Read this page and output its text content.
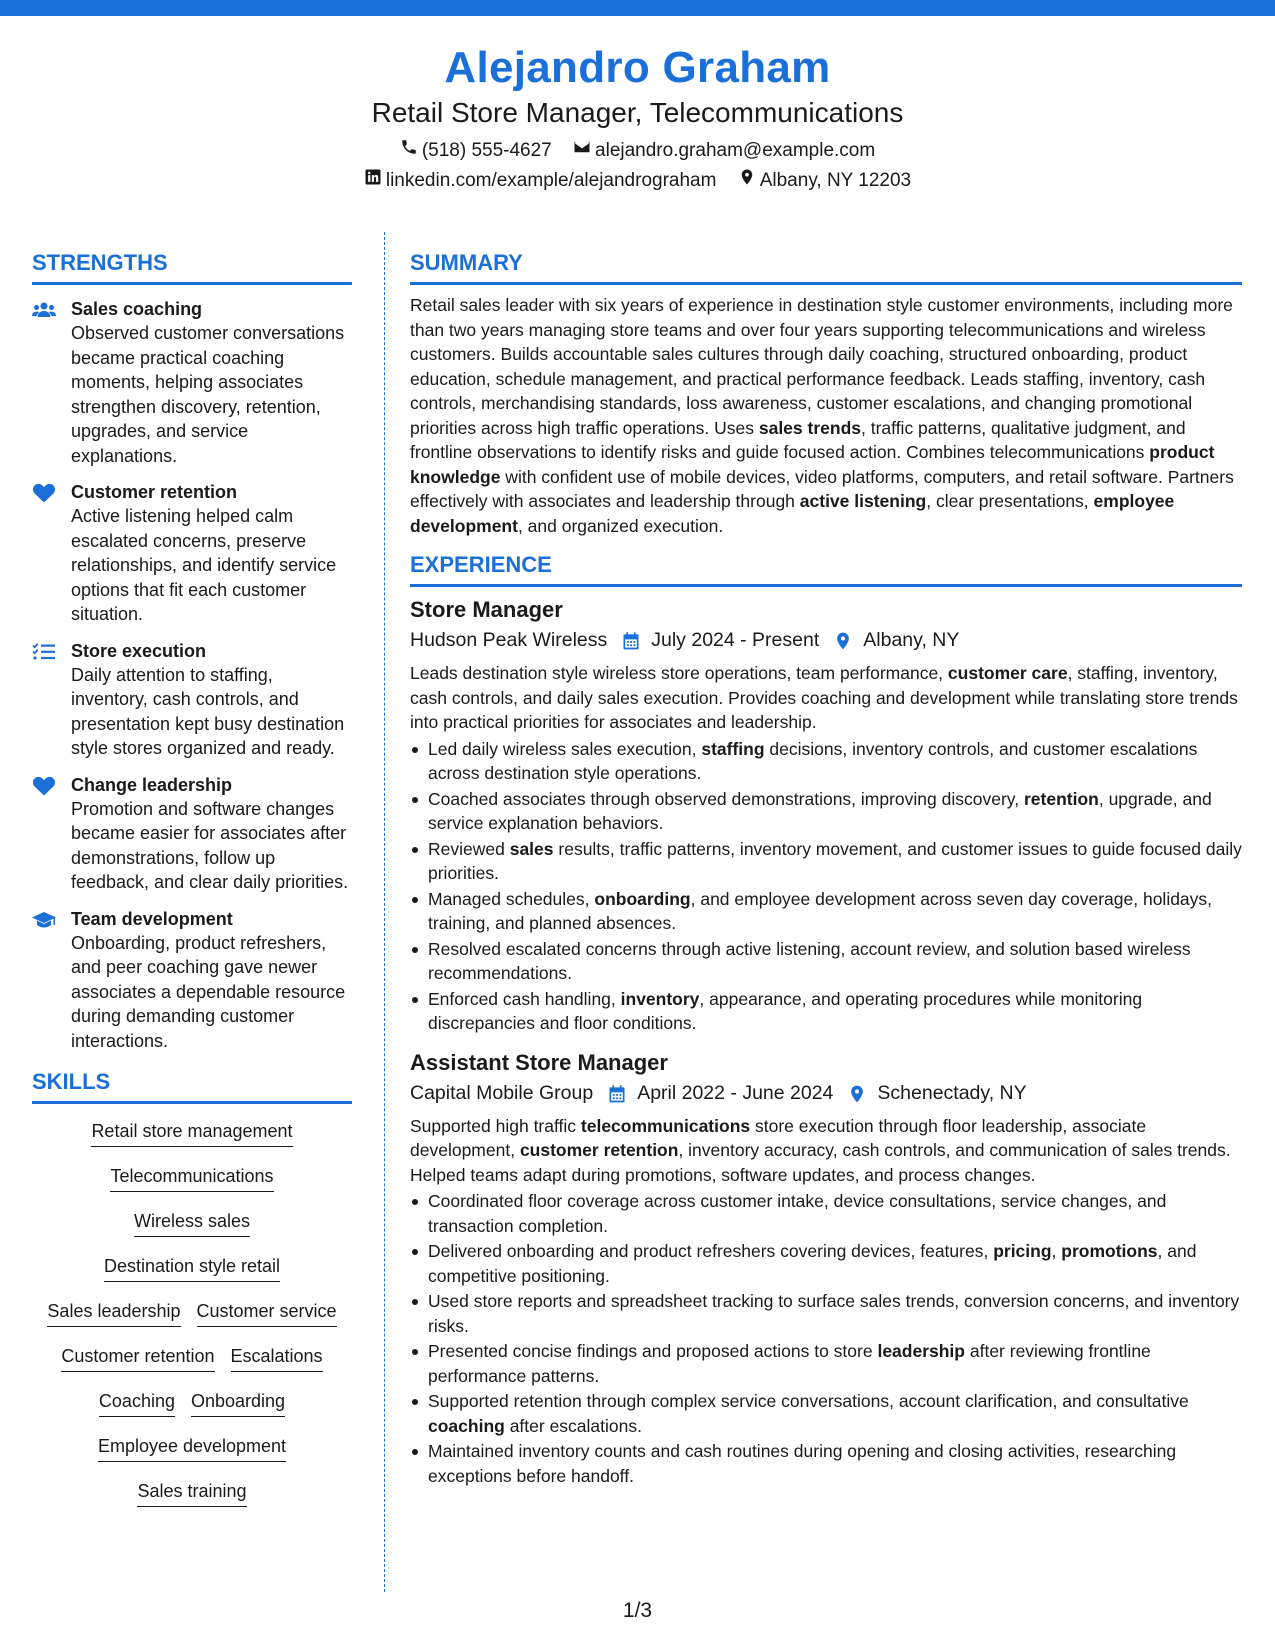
Alejandro Graham
Retail Store Manager, Telecommunications
(518) 555-4627
alejandro.graham@example.com
linkedin.com/example/alejandrograham
Albany, NY 12203
STRENGTHS
Sales coaching
Observed customer conversations became practical coaching moments, helping associates strengthen discovery, retention, upgrades, and service explanations.
Customer retention
Active listening helped calm escalated concerns, preserve relationships, and identify service options that fit each customer situation.
Store execution
Daily attention to staffing, inventory, cash controls, and presentation kept busy destination style stores organized and ready.
Change leadership
Promotion and software changes became easier for associates after demonstrations, follow up feedback, and clear daily priorities.
Team development
Onboarding, product refreshers, and peer coaching gave newer associates a dependable resource during demanding customer interactions.
SKILLS
Retail store management
Telecommunications
Wireless sales
Destination style retail
Sales leadership Customer service
Customer retention Escalations
Coaching Onboarding
Employee development
Sales training
SUMMARY
Retail sales leader with six years of experience in destination style customer environments, including more than two years managing store teams and over four years supporting telecommunications and wireless customers. Builds accountable sales cultures through daily coaching, structured onboarding, product education, schedule management, and practical performance feedback. Leads staffing, inventory, cash controls, merchandising standards, loss awareness, customer escalations, and changing promotional priorities across high traffic operations. Uses sales trends, traffic patterns, qualitative judgment, and frontline observations to identify risks and guide focused action. Combines telecommunications product knowledge with confident use of mobile devices, video platforms, computers, and retail software. Partners effectively with associates and leadership through active listening, clear presentations, employee development, and organized execution.
EXPERIENCE
Store Manager
Hudson Peak Wireless July 2024 - Present Albany, NY
Leads destination style wireless store operations, team performance, customer care, staffing, inventory, cash controls, and daily sales execution. Provides coaching and development while translating store trends into practical priorities for associates and leadership.
Led daily wireless sales execution, staffing decisions, inventory controls, and customer escalations across destination style operations.
Coached associates through observed demonstrations, improving discovery, retention, upgrade, and service explanation behaviors.
Reviewed sales results, traffic patterns, inventory movement, and customer issues to guide focused daily priorities.
Managed schedules, onboarding, and employee development across seven day coverage, holidays, training, and planned absences.
Resolved escalated concerns through active listening, account review, and solution based wireless recommendations.
Enforced cash handling, inventory, appearance, and operating procedures while monitoring discrepancies and floor conditions.
Assistant Store Manager
Capital Mobile Group April 2022 - June 2024 Schenectady, NY
Supported high traffic telecommunications store execution through floor leadership, associate development, customer retention, inventory accuracy, cash controls, and communication of sales trends. Helped teams adapt during promotions, software updates, and process changes.
Coordinated floor coverage across customer intake, device consultations, service changes, and transaction completion.
Delivered onboarding and product refreshers covering devices, features, pricing, promotions, and competitive positioning.
Used store reports and spreadsheet tracking to surface sales trends, conversion concerns, and inventory risks.
Presented concise findings and proposed actions to store leadership after reviewing frontline performance patterns.
Supported retention through complex service conversations, account clarification, and consultative coaching after escalations.
Maintained inventory counts and cash routines during opening and closing activities, researching exceptions before handoff.
1/3
